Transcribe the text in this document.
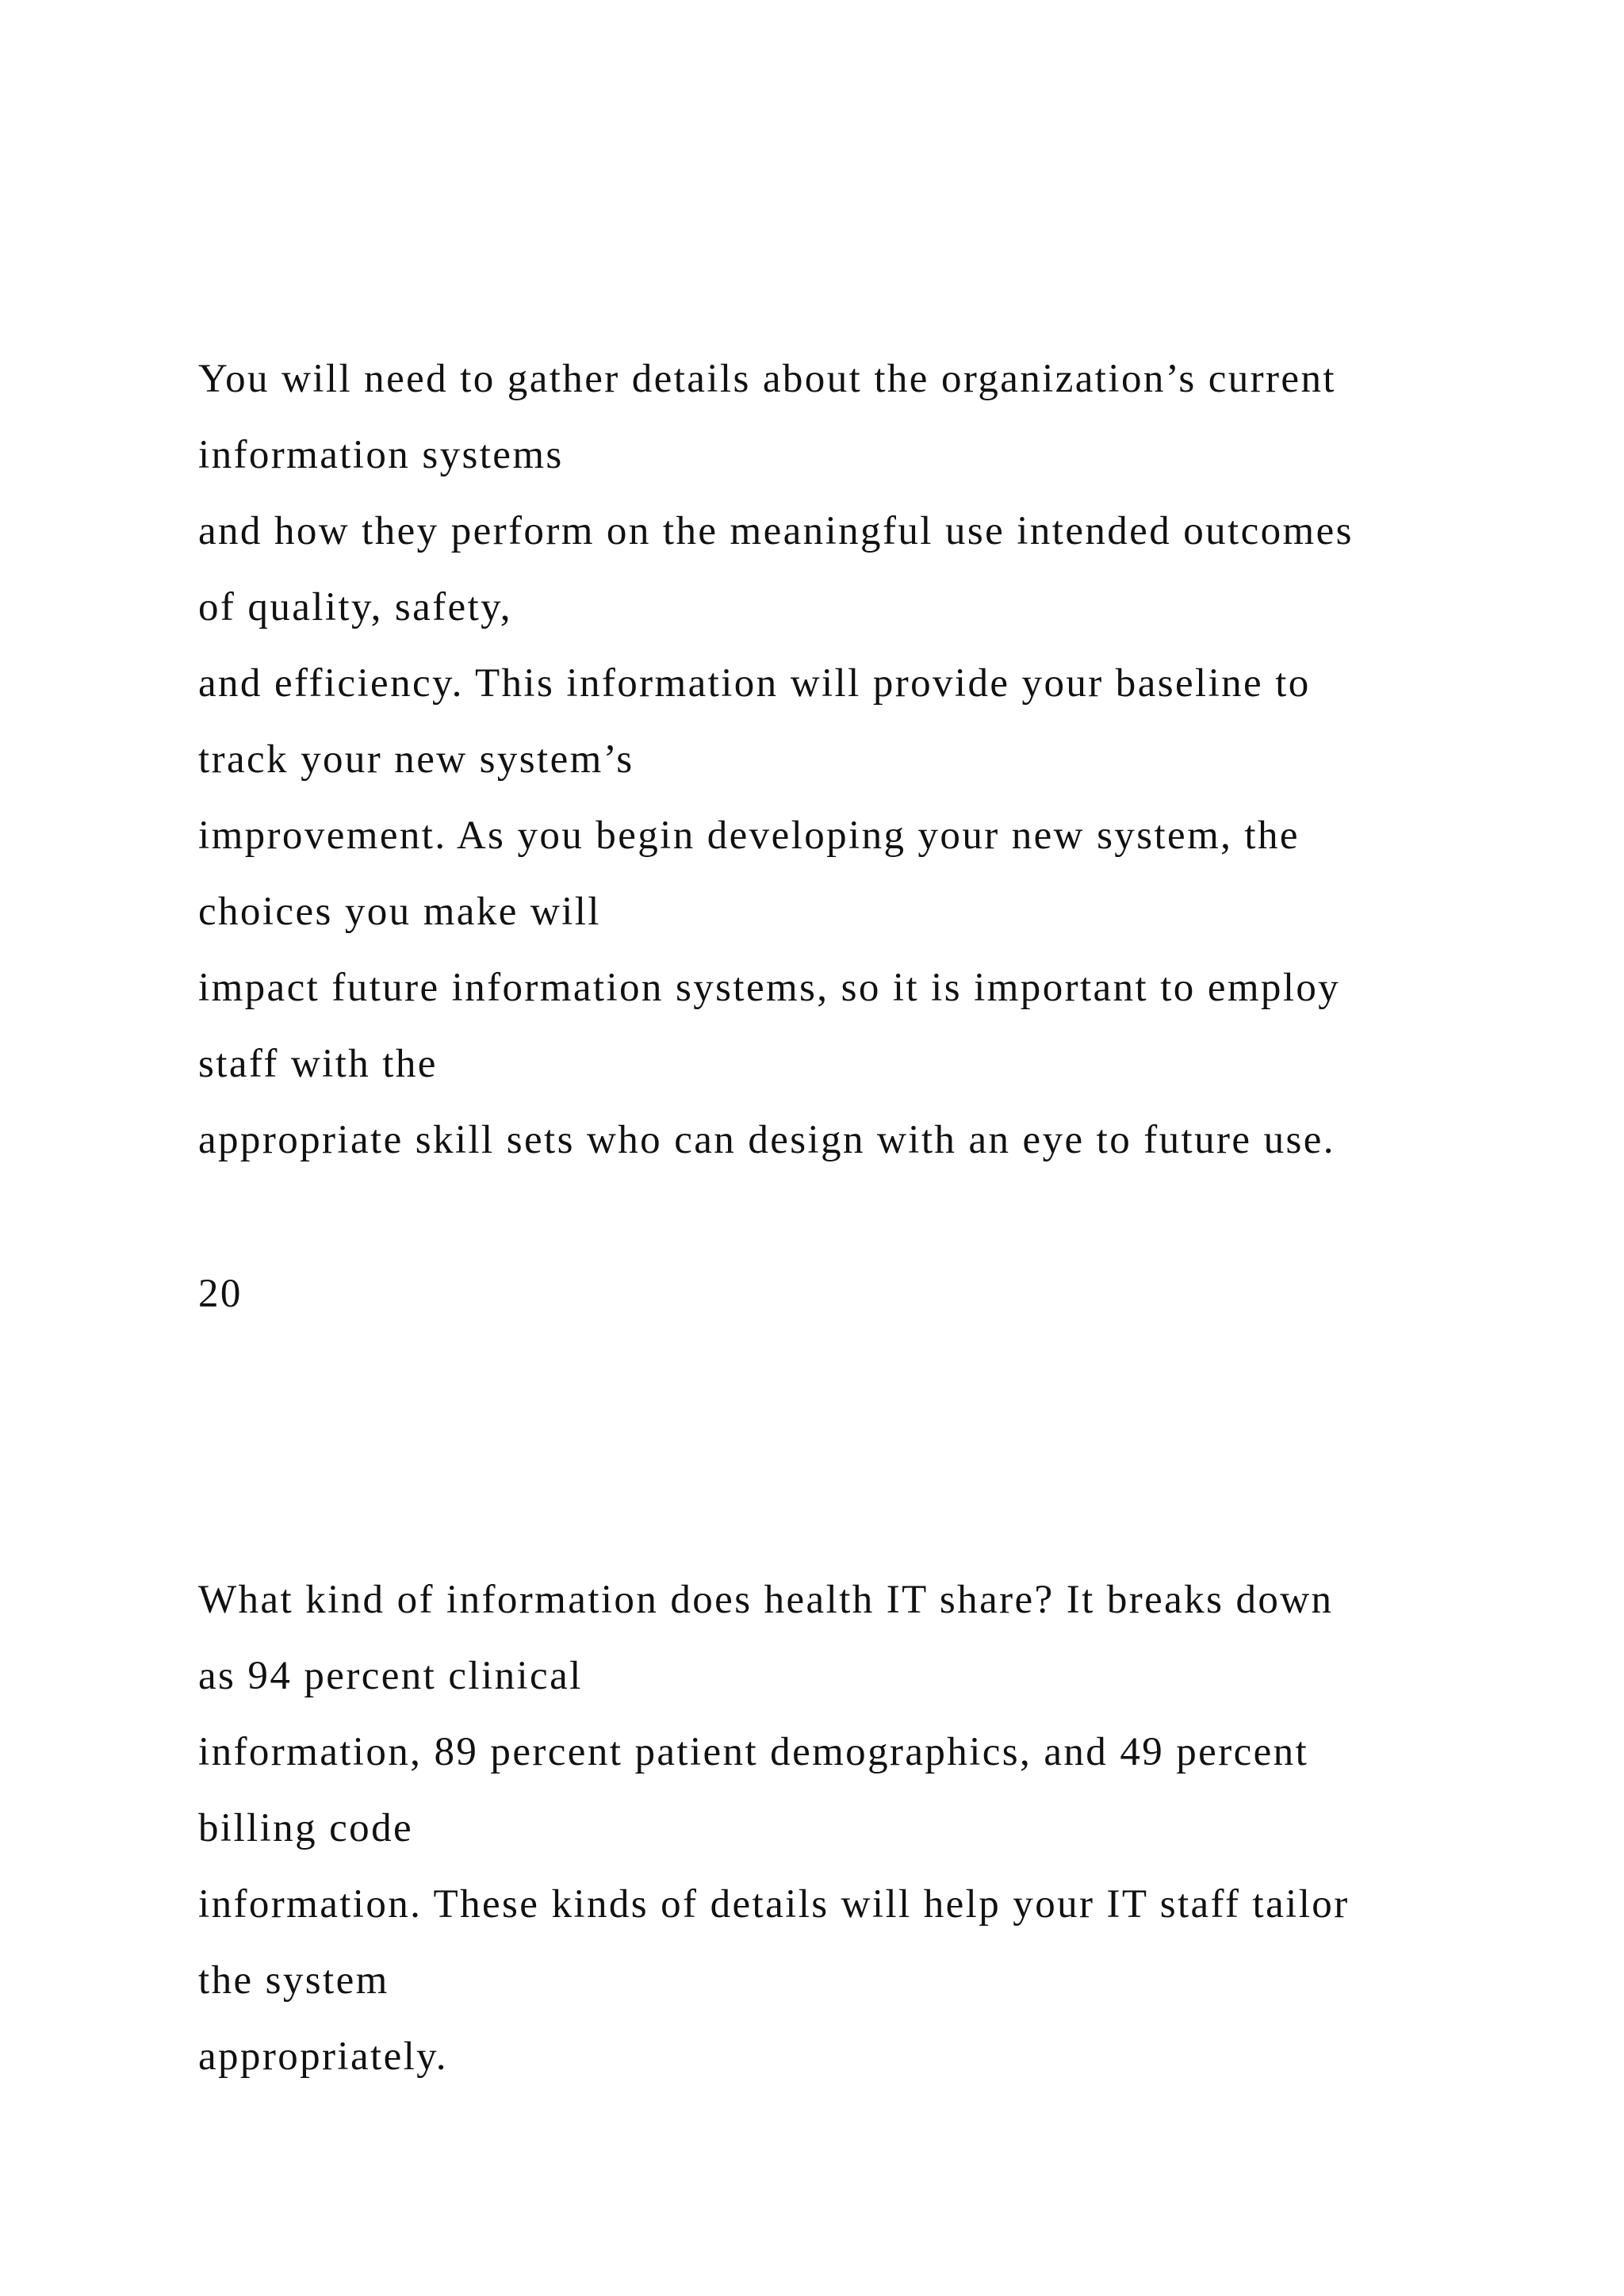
You will need to gather details about the organization’s current
information systems
and how they perform on the meaningful use intended outcomes
of quality, safety,
and efficiency. This information will provide your baseline to
track your new system’s
improvement. As you begin developing your new system, the
choices you make will
impact future information systems, so it is important to employ
staff with the
appropriate skill sets who can design with an eye to future use.
20
What kind of information does health IT share? It breaks down
as 94 percent clinical
information, 89 percent patient demographics, and 49 percent
billing code
information. These kinds of details will help your IT staff tailor
the system
appropriately.
